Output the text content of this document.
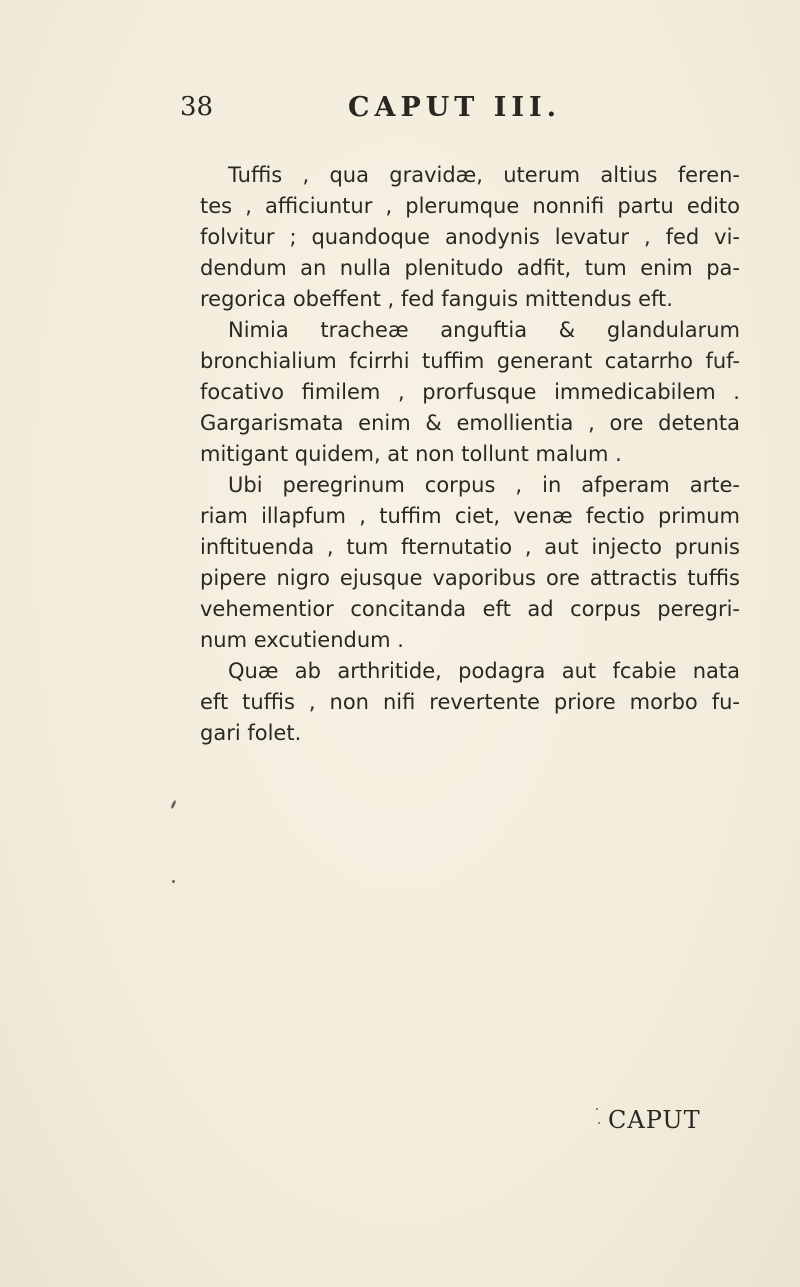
38	CAPUT III.
Tuffis , qua gravidæ, uterum altius feren-
tes , afficiuntur , plerumque nonnifi partu edito
folvitur ; quandoque anodynis levatur , fed vi-
dendum an nulla plenitudo adfit, tum enim pa-
regorica obeffent , fed fanguis mittendus eft.
Nimia tracheæ anguftia & glandularum
bronchialium fcirrhi tuffim generant catarrho fuf-
focativo fimilem , prorfusque immedicabilem .
Gargarismata enim & emollientia , ore detenta
mitigant quidem, at non tollunt malum .
Ubi peregrinum corpus , in afperam arte-
riam illapfum , tuffim ciet, venæ fectio primum
inftituenda , tum fternutatio , aut injecto prunis
pipere nigro ejusque vaporibus ore attractis tuffis
vehementior concitanda eft ad corpus peregri-
num excutiendum .
Quæ ab arthritide, podagra aut fcabie nata
eft tuffis , non nifi revertente priore morbo fu-
gari folet.
CAPUT
